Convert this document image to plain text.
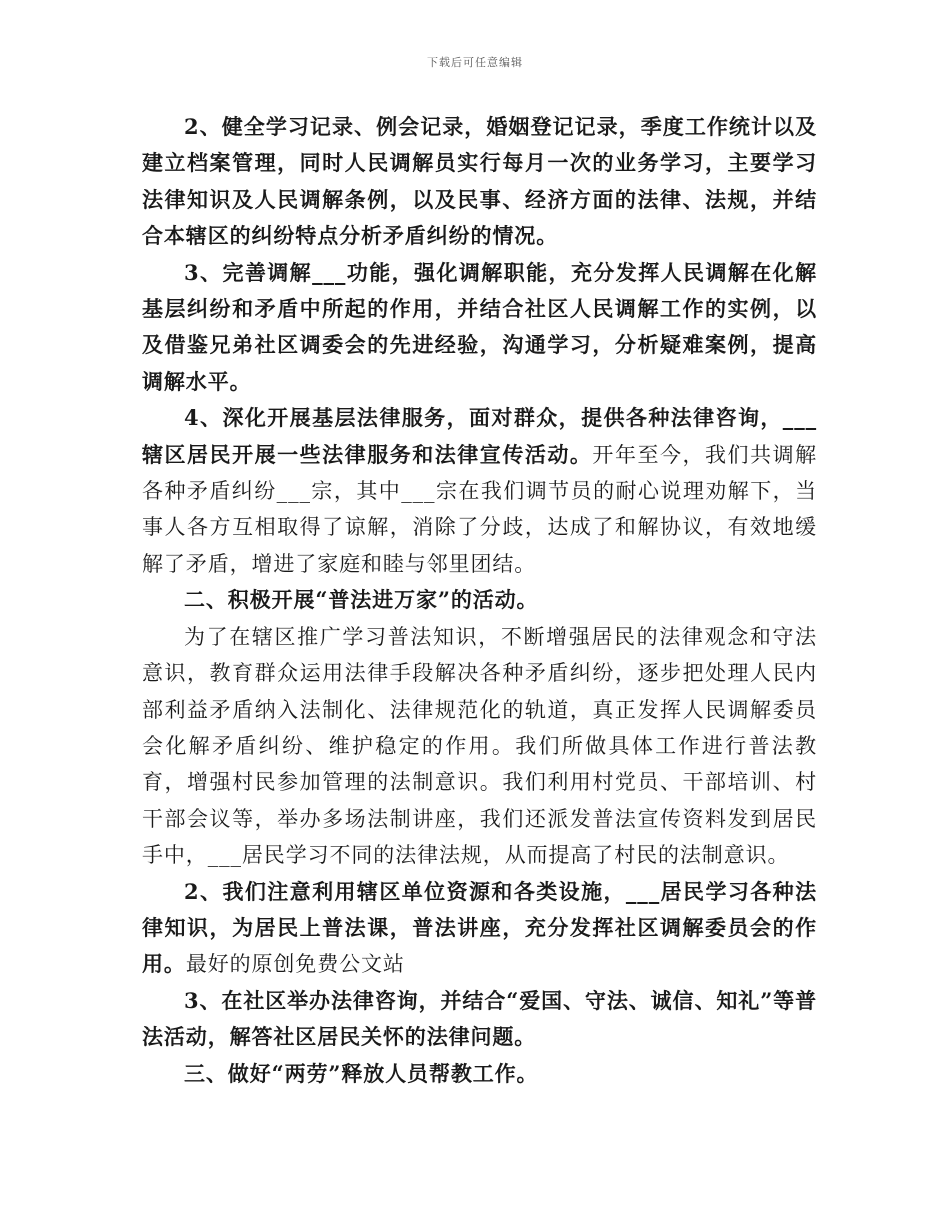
下载后可任意编辑

2、健全学习记录、例会记录，婚姻登记记录，季度工作统计以及建立档案管理，同时人民调解员实行每月一次的业务学习，主要学习法律知识及人民调解条例，以及民事、经济方面的法律、法规，并结合本辖区的纠纷特点分析矛盾纠纷的情况。

3、完善调解___功能，强化调解职能，充分发挥人民调解在化解基层纠纷和矛盾中所起的作用，并结合社区人民调解工作的实例，以及借鉴兄弟社区调委会的先进经验，沟通学习，分析疑难案例，提高调解水平。

4、深化开展基层法律服务，面对群众，提供各种法律咨询，___辖区居民开展一些法律服务和法律宣传活动。开年至今，我们共调解各种矛盾纠纷___宗，其中___宗在我们调节员的耐心说理劝解下，当事人各方互相取得了谅解，消除了分歧，达成了和解协议，有效地缓解了矛盾，增进了家庭和睦与邻里团结。

二、积极开展“普法进万家”的活动。

为了在辖区推广学习普法知识，不断增强居民的法律观念和守法意识，教育群众运用法律手段解决各种矛盾纠纷，逐步把处理人民内部利益矛盾纳入法制化、法律规范化的轨道，真正发挥人民调解委员会化解矛盾纠纷、维护稳定的作用。我们所做具体工作进行普法教育，增强村民参加管理的法制意识。我们利用村党员、干部培训、村干部会议等，举办多场法制讲座，我们还派发普法宣传资料发到居民手中，___居民学习不同的法律法规，从而提高了村民的法制意识。

2、我们注意利用辖区单位资源和各类设施，___居民学习各种法律知识，为居民上普法课，普法讲座，充分发挥社区调解委员会的作用。最好的原创免费公文站

3、在社区举办法律咨询，并结合“爱国、守法、诚信、知礼”等普法活动，解答社区居民关怀的法律问题。

三、做好“两劳”释放人员帮教工作。
